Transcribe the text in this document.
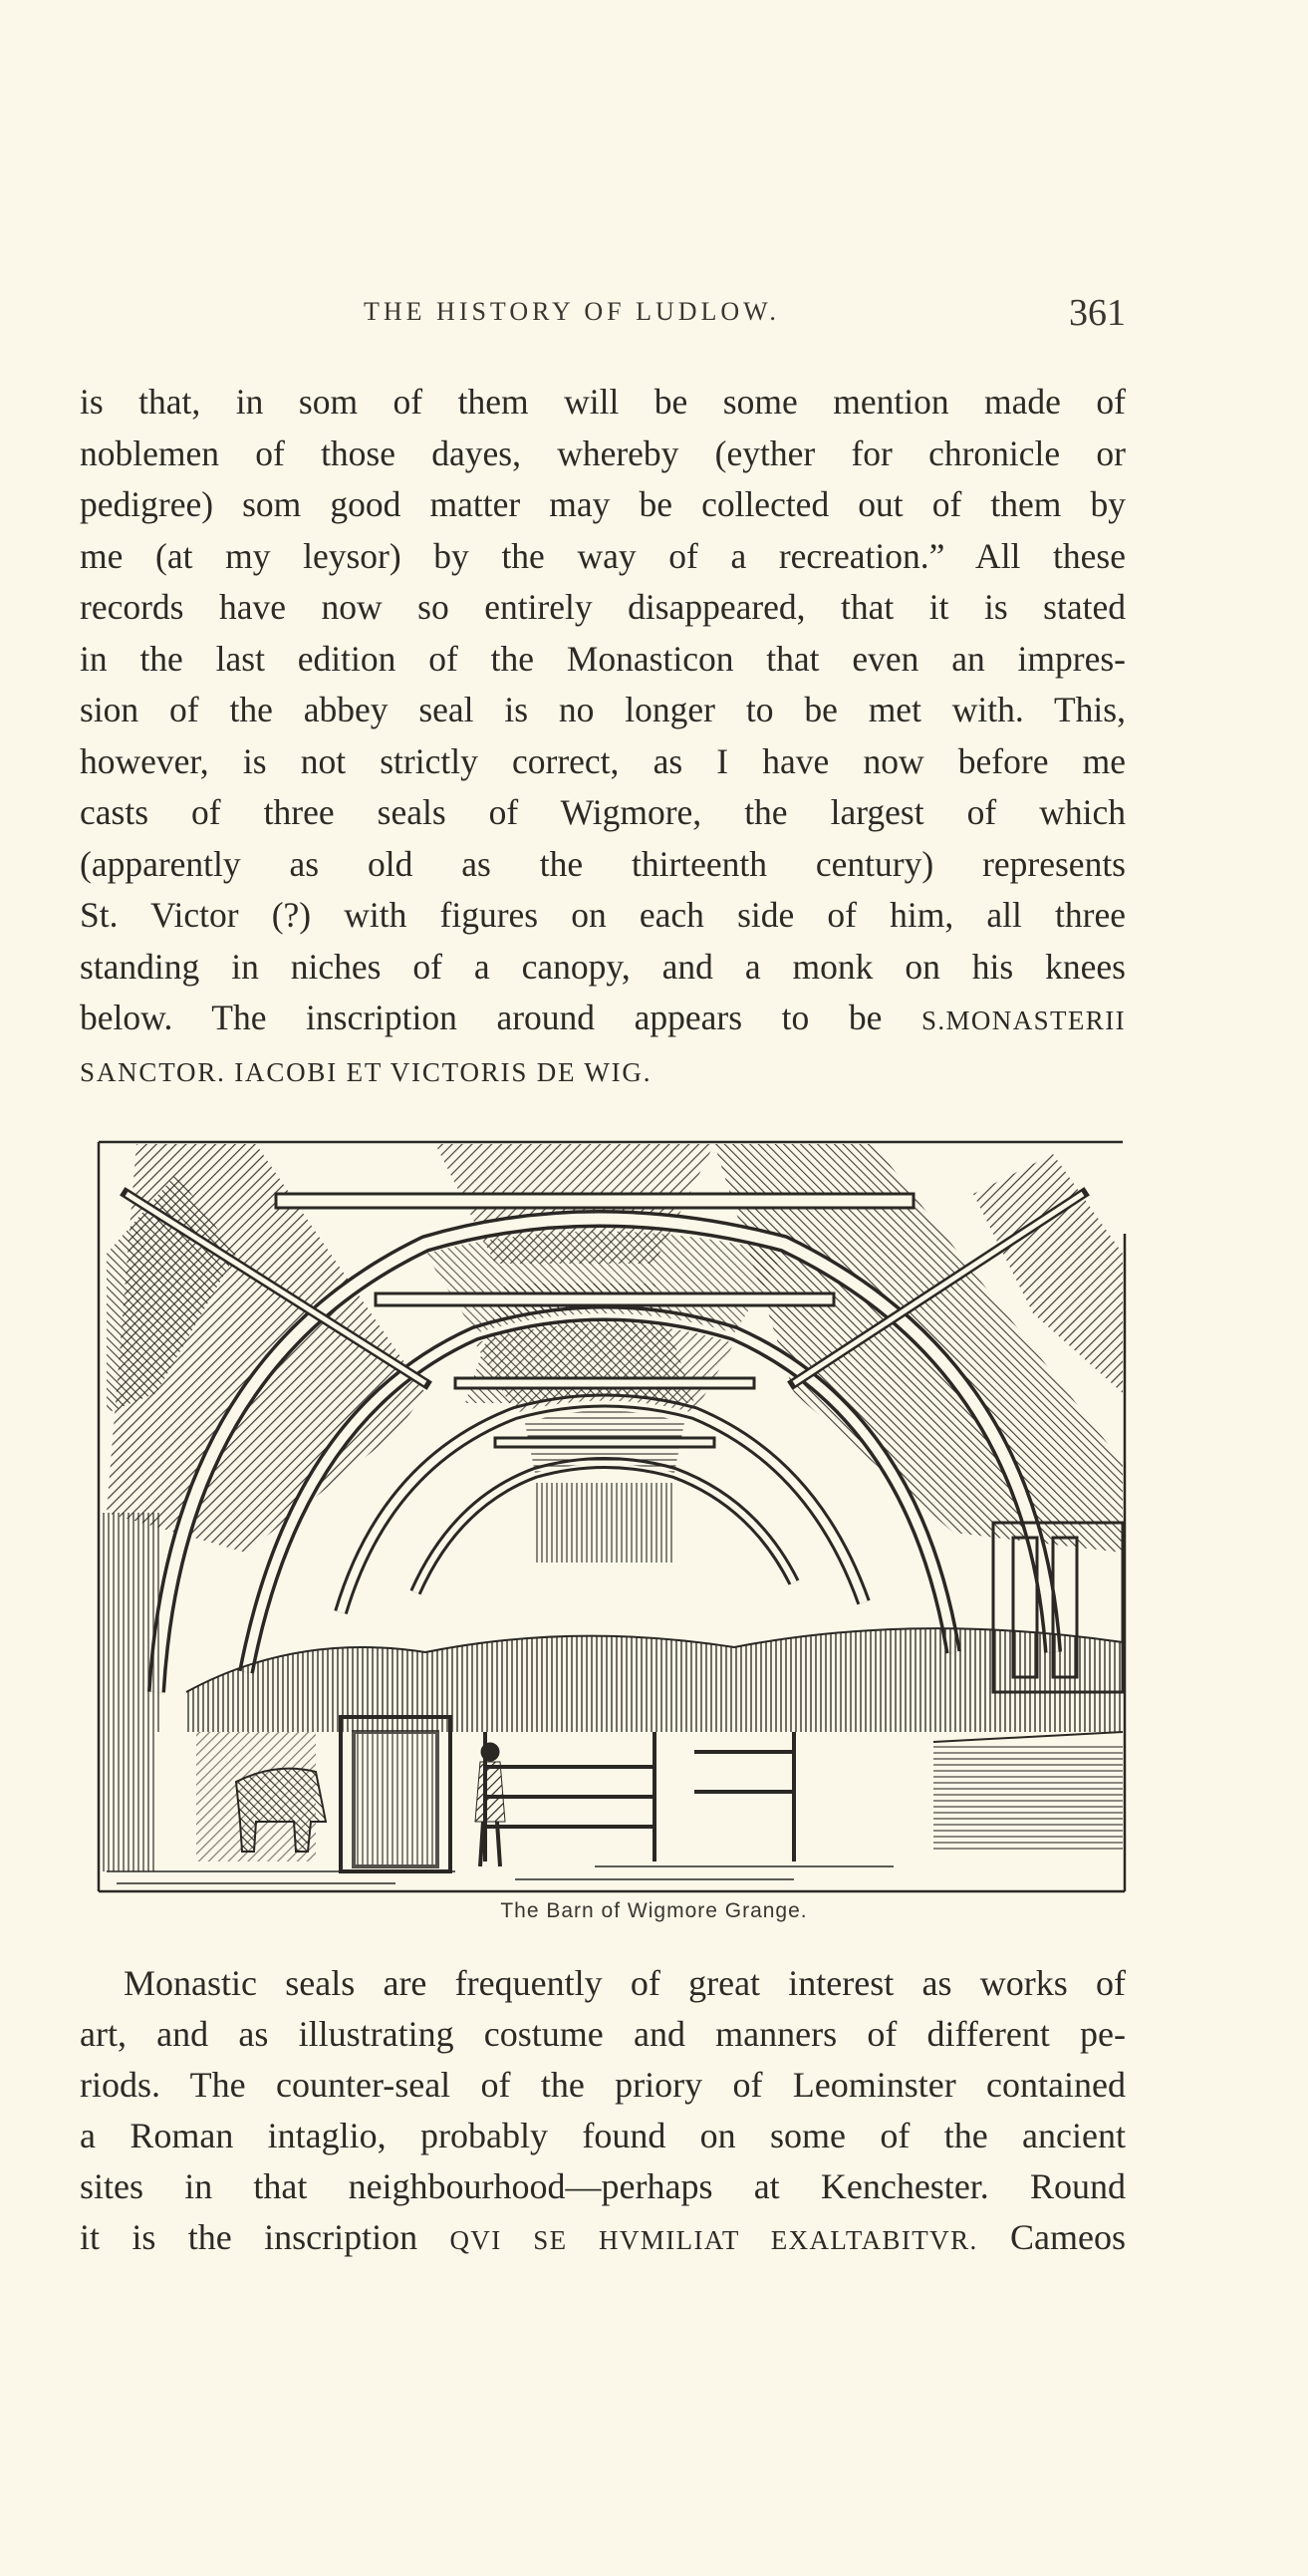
THE HISTORY OF LUDLOW.	361
is that, in som of them will be some mention made of
noblemen of those dayes, whereby (eyther for chronicle or
pedigree) som good matter may be collected out of them by
me (at my leysor) by the way of a recreation.” All these
records have now so entirely disappeared, that it is stated
in the last edition of the Monasticon that even an impres-
sion of the abbey seal is no longer to be met with. This,
however, is not strictly correct, as I have now before me
casts of three seals of Wigmore, the largest of which
(apparently as old as the thirteenth century) represents
St. Victor (?) with figures on each side of him, all three
standing in niches of a canopy, and a monk on his knees
below. The inscription around appears to be S.MONASTERII
SANCTOR. IACOBI ET VICTORIS DE WIG.
The Barn of Wigmore Grange.
Monastic seals are frequently of great interest as works of
art, and as illustrating costume and manners of different pe-
riods. The counter-seal of the priory of Leominster contained
a Roman intaglio, probably found on some of the ancient
sites in that neighbourhood—perhaps at Kenchester. Round
it is the inscription QVI SE HVMILIAT EXALTABITVR. Cameos
